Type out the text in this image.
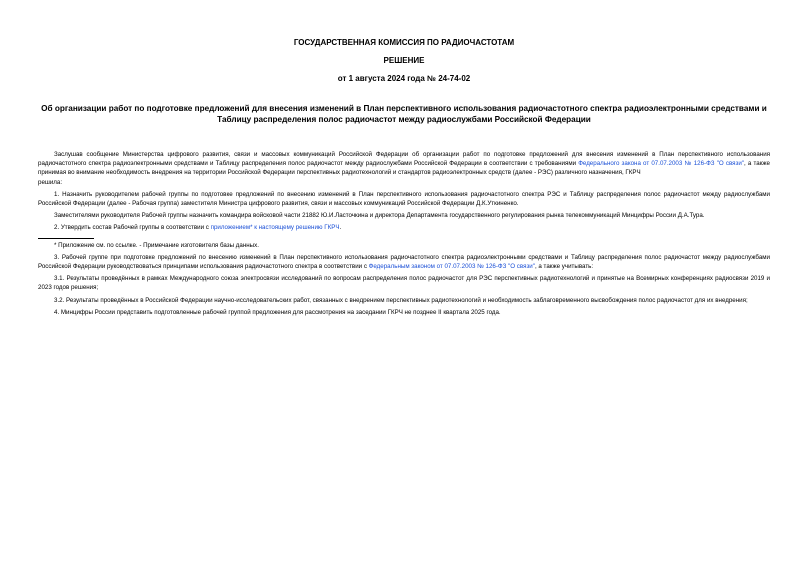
ГОСУДАРСТВЕННАЯ КОМИССИЯ ПО РАДИОЧАСТОТАМ
РЕШЕНИЕ
от 1 августа 2024 года № 24-74-02
Об организации работ по подготовке предложений для внесения изменений в План перспективного использования радиочастотного спектра радиоэлектронными средствами и Таблицу распределения полос радиочастот между радиослужбами Российской Федерации

Заслушав сообщение Министерства цифрового развития, связи и массовых коммуникаций Российской Федерации об организации работ по подготовке предложений для внесения изменений в План перспективного использования радиочастотного спектра радиоэлектронными средствами и Таблицу распределения полос радиочастот между радиослужбами Российской Федерации в соответствии с требованиями Федерального закона от 07.07.2003 № 126-ФЗ "О связи", а также принимая во внимание необходимость внедрения на территории Российской Федерации перспективных радиотехнологий и стандартов радиоэлектронных средств (далее - РЭС) различного назначения, ГКРЧ

решила:

1. Назначить руководителем рабочей группы по подготовке предложений по внесению изменений в План перспективного использования радиочастотного спектра РЭС и Таблицу распределения полос радиочастот между радиослужбами Российской Федерации (далее - Рабочая группа) заместителя Министра цифрового развития, связи и массовых коммуникаций Российской Федерации Д.К.Уткиненко.

Заместителями руководителя Рабочей группы назначить командира войсковой части 21882 Ю.И.Ласточкина и директора Департамента государственного регулирования рынка телекоммуникаций Минцифры России Д.А.Тура.

2. Утвердить состав Рабочей группы в соответствии с приложением* к настоящему решению ГКРЧ.

* Приложение см. по ссылке. - Примечание изготовителя базы данных.

3. Рабочей группе при подготовке предложений по внесению изменений в План перспективного использования радиочастотного спектра радиоэлектронными средствами и Таблицу распределения полос радиочастот между радиослужбами Российской Федерации руководствоваться принципами использования радиочастотного спектра в соответствии с Федеральным законом от 07.07.2003 № 126-ФЗ "О связи", а также учитывать:

3.1. Результаты проведённых в рамках Международного союза электросвязи исследований по вопросам распределения полос радиочастот для РЭС перспективных радиотехнологий и принятые на Всемирных конференциях радиосвязи 2019 и 2023 годов решения;

3.2. Результаты проведённых в Российской Федерации научно-исследовательских работ, связанных с внедрением перспективных радиотехнологий и необходимость заблаговременного высвобождения полос радиочастот для их внедрения;

4. Минцифры России представить подготовленные рабочей группой предложения для рассмотрения на заседании ГКРЧ не позднее II квартала 2025 года.
